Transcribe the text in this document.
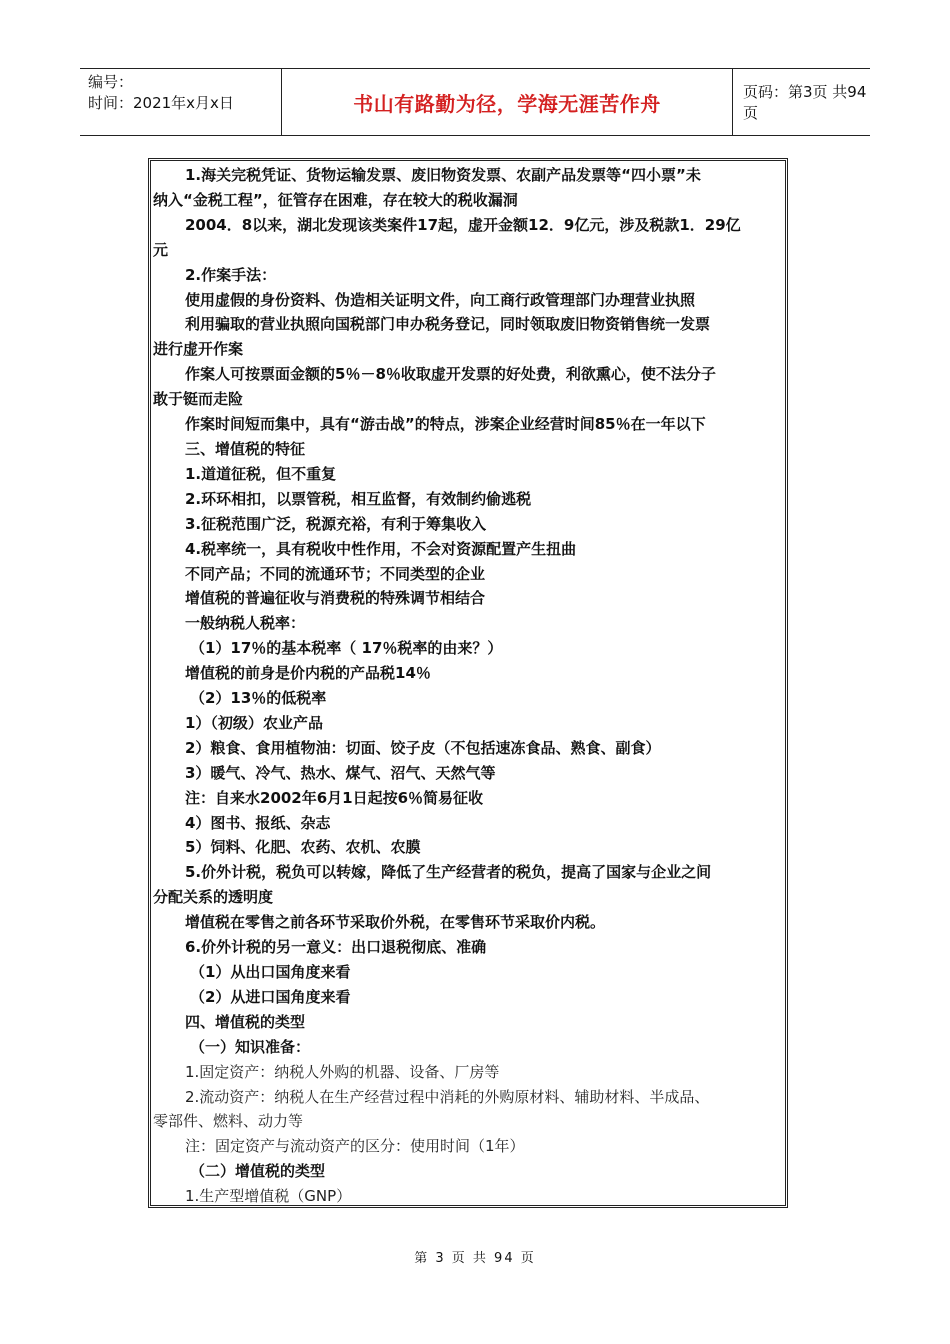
编号：
时间：2021年x月x日	书山有路勤为径，学海无涯苦作舟	页码：第3页 共94页
1.海关完税凭证、货物运输发票、废旧物资发票、农副产品发票等“四小票”未
纳入“金税工程”，征管存在困难，存在较大的税收漏洞
2004．8以来，湖北发现该类案件17起，虚开金额12．9亿元，涉及税款1．29亿
元
2.作案手法：
使用虚假的身份资料、伪造相关证明文件，向工商行政管理部门办理营业执照
利用骗取的营业执照向国税部门申办税务登记，同时领取废旧物资销售统一发票
进行虚开作案
作案人可按票面金额的5％－8％收取虚开发票的好处费，利欲熏心，使不法分子
敢于铤而走险
作案时间短而集中，具有“游击战”的特点，涉案企业经营时间85％在一年以下
三、增值税的特征
1.道道征税，但不重复
2.环环相扣，以票管税，相互监督，有效制约偷逃税
3.征税范围广泛，税源充裕，有利于筹集收入
4.税率统一，具有税收中性作用，不会对资源配置产生扭曲
不同产品；不同的流通环节；不同类型的企业
增值税的普遍征收与消费税的特殊调节相结合
一般纳税人税率：
（1）17％的基本税率（ 17％税率的由来？）
增值税的前身是价内税的产品税14％
（2）13％的低税率
1）（初级）农业产品
2）粮食、食用植物油：切面、饺子皮（不包括速冻食品、熟食、副食）
3）暖气、冷气、热水、煤气、沼气、天然气等
注：自来水2002年6月1日起按6％简易征收
4）图书、报纸、杂志
5）饲料、化肥、农药、农机、农膜
5.价外计税，税负可以转嫁，降低了生产经营者的税负，提高了国家与企业之间
分配关系的透明度
增值税在零售之前各环节采取价外税，在零售环节采取价内税。
6.价外计税的另一意义：出口退税彻底、准确
（1）从出口国角度来看
（2）从进口国角度来看
四、增值税的类型
（一）知识准备：
1.固定资产：纳税人外购的机器、设备、厂房等
2.流动资产：纳税人在生产经营过程中消耗的外购原材料、辅助材料、半成品、
零部件、燃料、动力等
注：固定资产与流动资产的区分：使用时间（1年）
（二）增值税的类型
1.生产型增值税（GNP）
第 3 页 共 94 页
